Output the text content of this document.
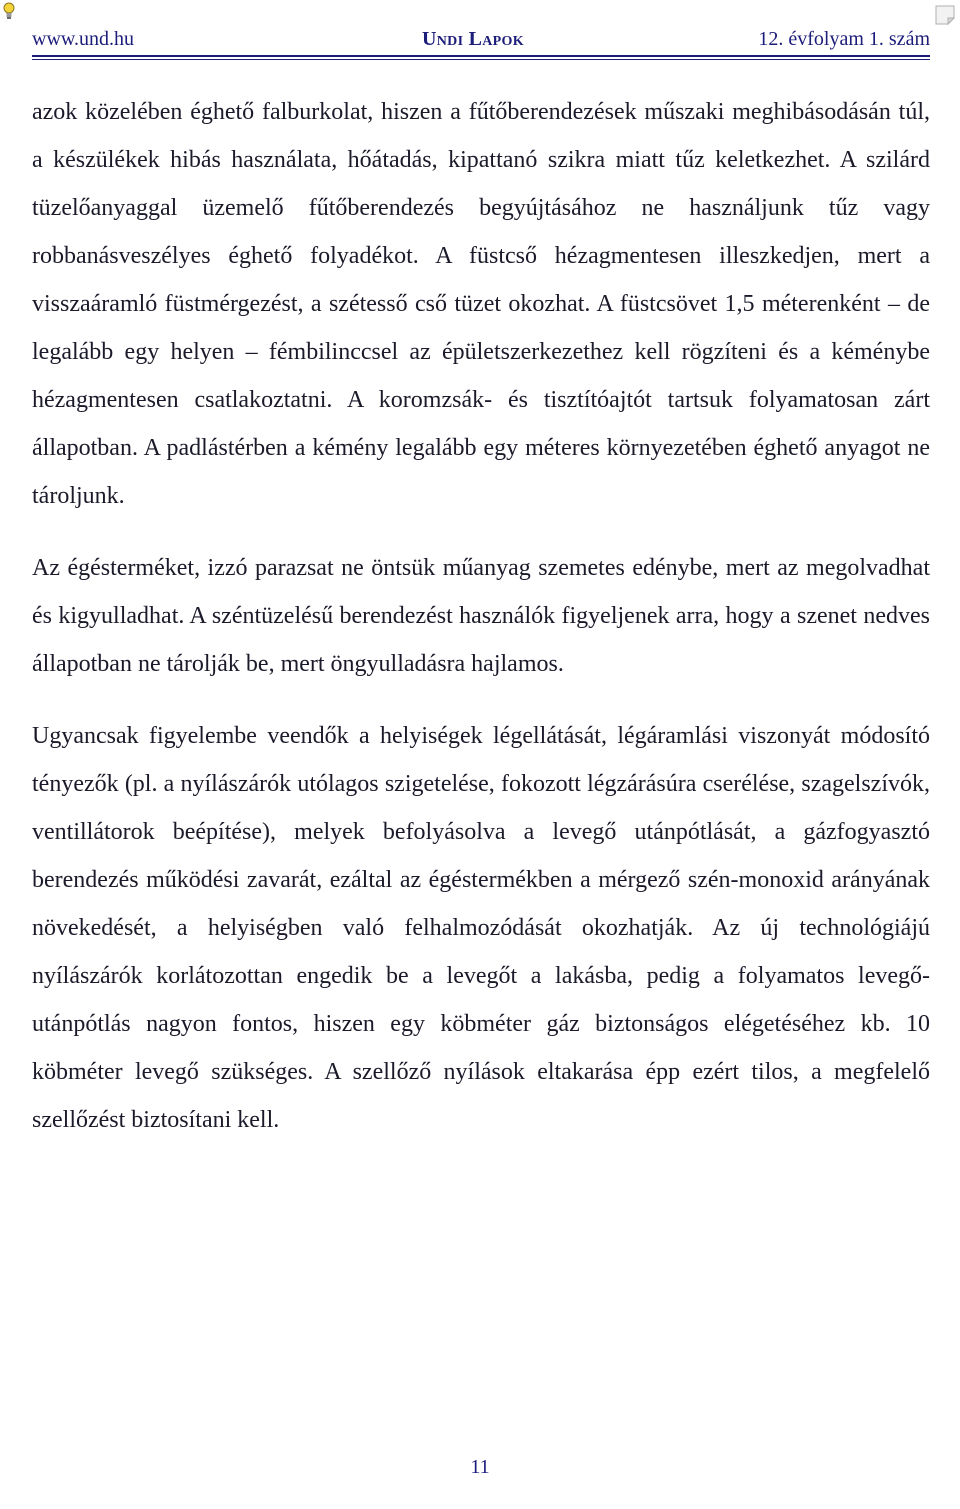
www.und.hu	Undi Lapok	12. évfolyam 1. szám

azok közelében éghető falburkolat, hiszen a fűtőberendezések műszaki meghibásodásán túl, a készülékek hibás használata, hőátadás, kipattanó szikra miatt tűz keletkezhet. A szilárd tüzelőanyaggal üzemelő fűtőberendezés begyújtásához ne használjunk tűz vagy robbanásveszélyes éghető folyadékot. A füstcső hézagmentesen illeszkedjen, mert a visszaáramló füstmérgezést, a szétesső cső tüzet okozhat. A füstcsövet 1,5 méterenként – de legalább egy helyen – fémbilinccsel az épületszerkezethez kell rögzíteni és a kéménybe hézagmentesen csatlakoztatni. A koromzsák- és tisztítóajtót tartsuk folyamatosan zárt állapotban. A padlástérben a kémény legalább egy méteres környezetében éghető anyagot ne tároljunk.

Az égésterméket, izzó parazsat ne öntsük műanyag szemetes edénybe, mert az megolvadhat és kigyulladhat. A széntüzelésű berendezést használók figyeljenek arra, hogy a szenet nedves állapotban ne tárolják be, mert öngyulladásra hajlamos.

Ugyancsak figyelembe veendők a helyiségek légellátását, légáramlási viszonyát módosító tényezők (pl. a nyílászárók utólagos szigetelése, fokozott légzárásúra cserélése, szagelszívók, ventillátorok beépítése), melyek befolyásolva a levegő utánpótlását, a gázfogyasztó berendezés működési zavarát, ezáltal az égéstermékben a mérgező szén-monoxid arányának növekedését, a helyiségben való felhalmozódását okozhatják. Az új technológiájú nyílászárók korlátozottan engedik be a levegőt a lakásba, pedig a folyamatos levegő-utánpótlás nagyon fontos, hiszen egy köbméter gáz biztonságos elégetéséhez kb. 10 köbméter levegő szükséges. A szellőző nyílások eltakarása épp ezért tilos, a megfelelő szellőzést biztosítani kell.

11
